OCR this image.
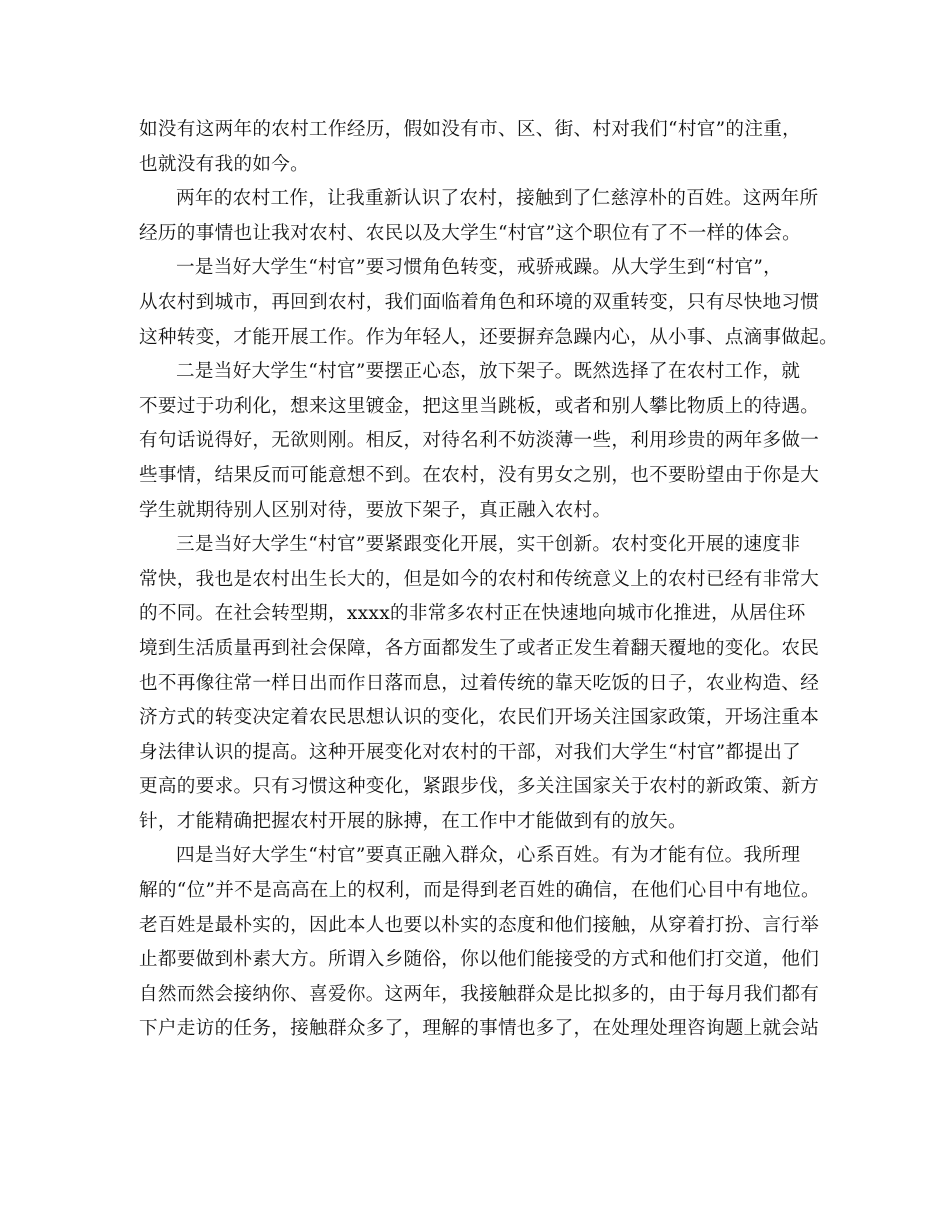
如没有这两年的农村工作经历，假如没有市、区、街、村对我们“村官”的注重，
也就没有我的如今。
两年的农村工作，让我重新认识了农村，接触到了仁慈淳朴的百姓。这两年所
经历的事情也让我对农村、农民以及大学生“村官”这个职位有了不一样的体会。
一是当好大学生“村官”要习惯角色转变，戒骄戒躁。从大学生到“村官”，
从农村到城市，再回到农村，我们面临着角色和环境的双重转变，只有尽快地习惯
这种转变，才能开展工作。作为年轻人，还要摒弃急躁内心，从小事、点滴事做起。
二是当好大学生“村官”要摆正心态，放下架子。既然选择了在农村工作，就
不要过于功利化，想来这里镀金，把这里当跳板，或者和别人攀比物质上的待遇。
有句话说得好，无欲则刚。相反，对待名利不妨淡薄一些，利用珍贵的两年多做一
些事情，结果反而可能意想不到。在农村，没有男女之别，也不要盼望由于你是大
学生就期待别人区别对待，要放下架子，真正融入农村。
三是当好大学生“村官”要紧跟变化开展，实干创新。农村变化开展的速度非
常快，我也是农村出生长大的，但是如今的农村和传统意义上的农村已经有非常大
的不同。在社会转型期，xxxx的非常多农村正在快速地向城市化推进，从居住环
境到生活质量再到社会保障，各方面都发生了或者正发生着翻天覆地的变化。农民
也不再像往常一样日出而作日落而息，过着传统的靠天吃饭的日子，农业构造、经
济方式的转变决定着农民思想认识的变化，农民们开场关注国家政策，开场注重本
身法律认识的提高。这种开展变化对农村的干部，对我们大学生“村官”都提出了
更高的要求。只有习惯这种变化，紧跟步伐，多关注国家关于农村的新政策、新方
针，才能精确把握农村开展的脉搏，在工作中才能做到有的放矢。
四是当好大学生“村官”要真正融入群众，心系百姓。有为才能有位。我所理
解的“位”并不是高高在上的权利，而是得到老百姓的确信，在他们心目中有地位。
老百姓是最朴实的，因此本人也要以朴实的态度和他们接触，从穿着打扮、言行举
止都要做到朴素大方。所谓入乡随俗，你以他们能接受的方式和他们打交道，他们
自然而然会接纳你、喜爱你。这两年，我接触群众是比拟多的，由于每月我们都有
下户走访的任务，接触群众多了，理解的事情也多了，在处理处理咨询题上就会站
